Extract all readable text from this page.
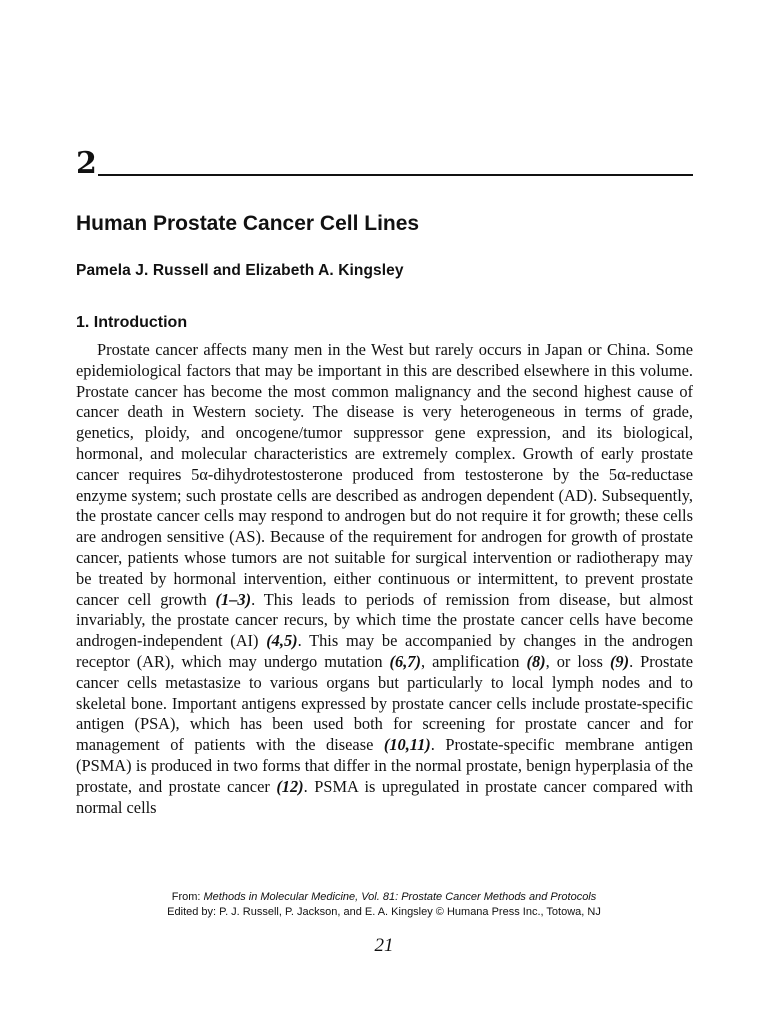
2
Human Prostate Cancer Cell Lines

Pamela J. Russell and Elizabeth A. Kingsley

1. Introduction

Prostate cancer affects many men in the West but rarely occurs in Japan or China. Some epidemiological factors that may be important in this are described elsewhere in this volume. Prostate cancer has become the most common malignancy and the second highest cause of cancer death in Western society. The disease is very heterogeneous in terms of grade, genetics, ploidy, and oncogene/tumor suppressor gene expression, and its biological, hormonal, and molecular characteristics are extremely complex. Growth of early prostate cancer requires 5α-dihydrotestosterone produced from testosterone by the 5α-reductase enzyme system; such prostate cells are described as androgen dependent (AD). Subsequently, the prostate cancer cells may respond to androgen but do not require it for growth; these cells are androgen sensitive (AS). Because of the requirement for androgen for growth of prostate cancer, patients whose tumors are not suitable for surgical intervention or radiotherapy may be treated by hormonal intervention, either continuous or intermittent, to prevent prostate cancer cell growth (1–3). This leads to periods of remission from disease, but almost invariably, the prostate cancer recurs, by which time the prostate cancer cells have become androgen-independent (AI) (4,5). This may be accompanied by changes in the androgen receptor (AR), which may undergo mutation (6,7), amplification (8), or loss (9). Prostate cancer cells metastasize to various organs but particularly to local lymph nodes and to skeletal bone. Important antigens expressed by prostate cancer cells include prostate-specific antigen (PSA), which has been used both for screening for prostate cancer and for management of patients with the disease (10,11). Prostate-specific membrane antigen (PSMA) is produced in two forms that differ in the normal prostate, benign hyperplasia of the prostate, and prostate cancer (12). PSMA is upregulated in prostate cancer compared with normal cells

From: Methods in Molecular Medicine, Vol. 81: Prostate Cancer Methods and Protocols
Edited by: P. J. Russell, P. Jackson, and E. A. Kingsley © Humana Press Inc., Totowa, NJ

21
